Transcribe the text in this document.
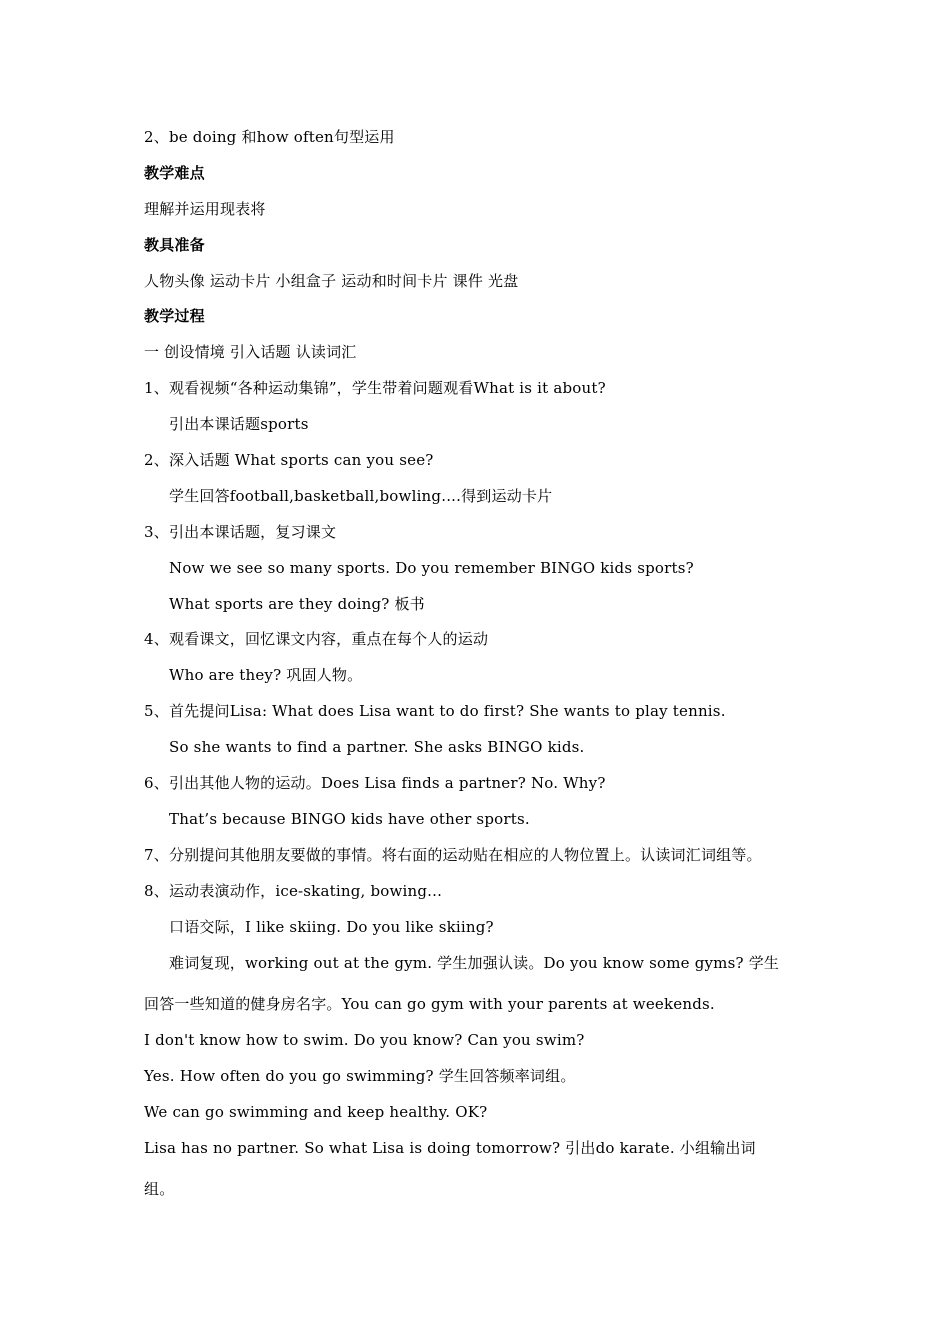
2、be doing 和how often句型运用
教学难点
理解并运用现表将
教具准备
人物头像 运动卡片 小组盒子 运动和时间卡片 课件 光盘
教学过程
一 创设情境 引入话题 认读词汇
1、观看视频“各种运动集锦”，学生带着问题观看What is it about?
引出本课话题sports
2、深入话题 What sports can you see?
学生回答football,basketball,bowling....得到运动卡片
3、引出本课话题，复习课文
Now we see so many sports. Do you remember BINGO kids sports?
What sports are they doing? 板书
4、观看课文，回忆课文内容，重点在每个人的运动
Who are they? 巩固人物。
5、首先提问Lisa: What does Lisa want to do first? She wants to play tennis.
So she wants to find a partner. She asks BINGO kids.
6、引出其他人物的运动。Does Lisa finds a partner? No. Why?
That’s because BINGO kids have other sports.
7、分别提问其他朋友要做的事情。将右面的运动贴在相应的人物位置上。认读词汇词组等。
8、运动表演动作，ice-skating, bowing...
口语交际，I like skiing. Do you like skiing?
难词复现，working out at the gym. 学生加强认读。Do you know some gyms? 学生
回答一些知道的健身房名字。You can go gym with your parents at weekends.
I don't know how to swim. Do you know? Can you swim?
Yes. How often do you go swimming? 学生回答频率词组。
We can go swimming and keep healthy. OK?
Lisa has no partner. So what Lisa is doing tomorrow? 引出do karate. 小组输出词
组。
